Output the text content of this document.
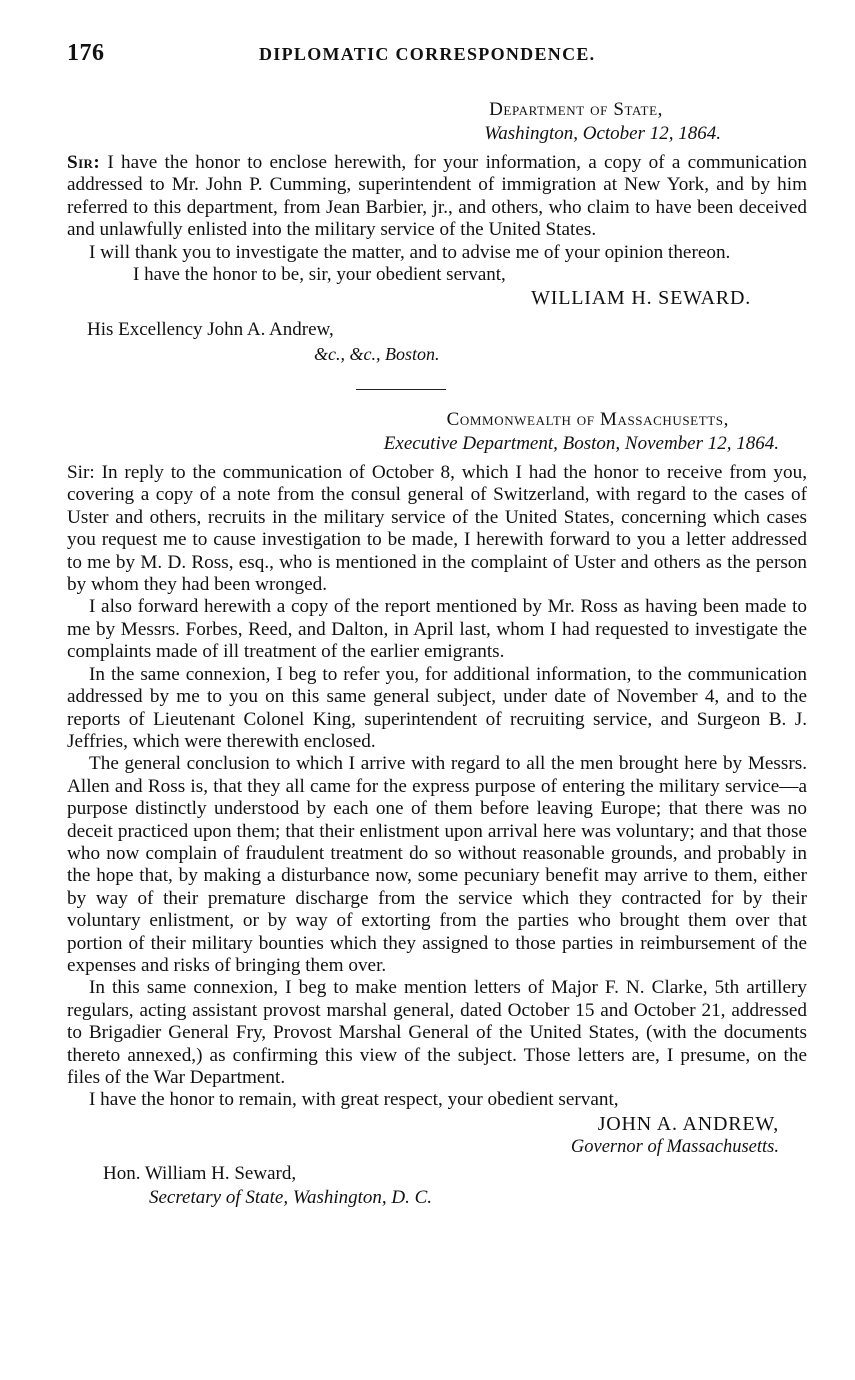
176	DIPLOMATIC CORRESPONDENCE.
Department of State,
Washington, October 12, 1864.

Sir: I have the honor to enclose herewith, for your information, a copy of a communication addressed to Mr. John P. Cumming, superintendent of immigration at New York, and by him referred to this department, from Jean Barbier, jr., and others, who claim to have been deceived and unlawfully enlisted into the military service of the United States.

I will thank you to investigate the matter, and to advise me of your opinion thereon.

I have the honor to be, sir, your obedient servant,
WILLIAM H. SEWARD.
His Excellency John A. Andrew,
&c., &c., Boston.
Commonwealth of Massachusetts,
Executive Department, Boston, November 12, 1864.

Sir: In reply to the communication of October 8, which I had the honor to receive from you, covering a copy of a note from the consul general of Switzerland, with regard to the cases of Uster and others, recruits in the military service of the United States, concerning which cases you request me to cause investigation to be made, I herewith forward to you a letter addressed to me by M. D. Ross, esq., who is mentioned in the complaint of Uster and others as the person by whom they had been wronged.

I also forward herewith a copy of the report mentioned by Mr. Ross as having been made to me by Messrs. Forbes, Reed, and Dalton, in April last, whom I had requested to investigate the complaints made of ill treatment of the earlier emigrants.

In the same connexion, I beg to refer you, for additional information, to the communication addressed by me to you on this same general subject, under date of November 4, and to the reports of Lieutenant Colonel King, superintendent of recruiting service, and Surgeon B. J. Jeffries, which were therewith enclosed.

The general conclusion to which I arrive with regard to all the men brought here by Messrs. Allen and Ross is, that they all came for the express purpose of entering the military service—a purpose distinctly understood by each one of them before leaving Europe; that there was no deceit practiced upon them; that their enlistment upon arrival here was voluntary; and that those who now complain of fraudulent treatment do so without reasonable grounds, and probably in the hope that, by making a disturbance now, some pecuniary benefit may arrive to them, either by way of their premature discharge from the service which they contracted for by their voluntary enlistment, or by way of extorting from the parties who brought them over that portion of their military bounties which they assigned to those parties in reimbursement of the expenses and risks of bringing them over.

In this same connexion, I beg to make mention letters of Major F. N. Clarke, 5th artillery regulars, acting assistant provost marshal general, dated October 15 and October 21, addressed to Brigadier General Fry, Provost Marshal General of the United States, (with the documents thereto annexed,) as confirming this view of the subject. Those letters are, I presume, on the files of the War Department.

I have the honor to remain, with great respect, your obedient servant,

JOHN A. ANDREW,
Governor of Massachusetts.
Hon. William H. Seward,
Secretary of State, Washington, D. C.
